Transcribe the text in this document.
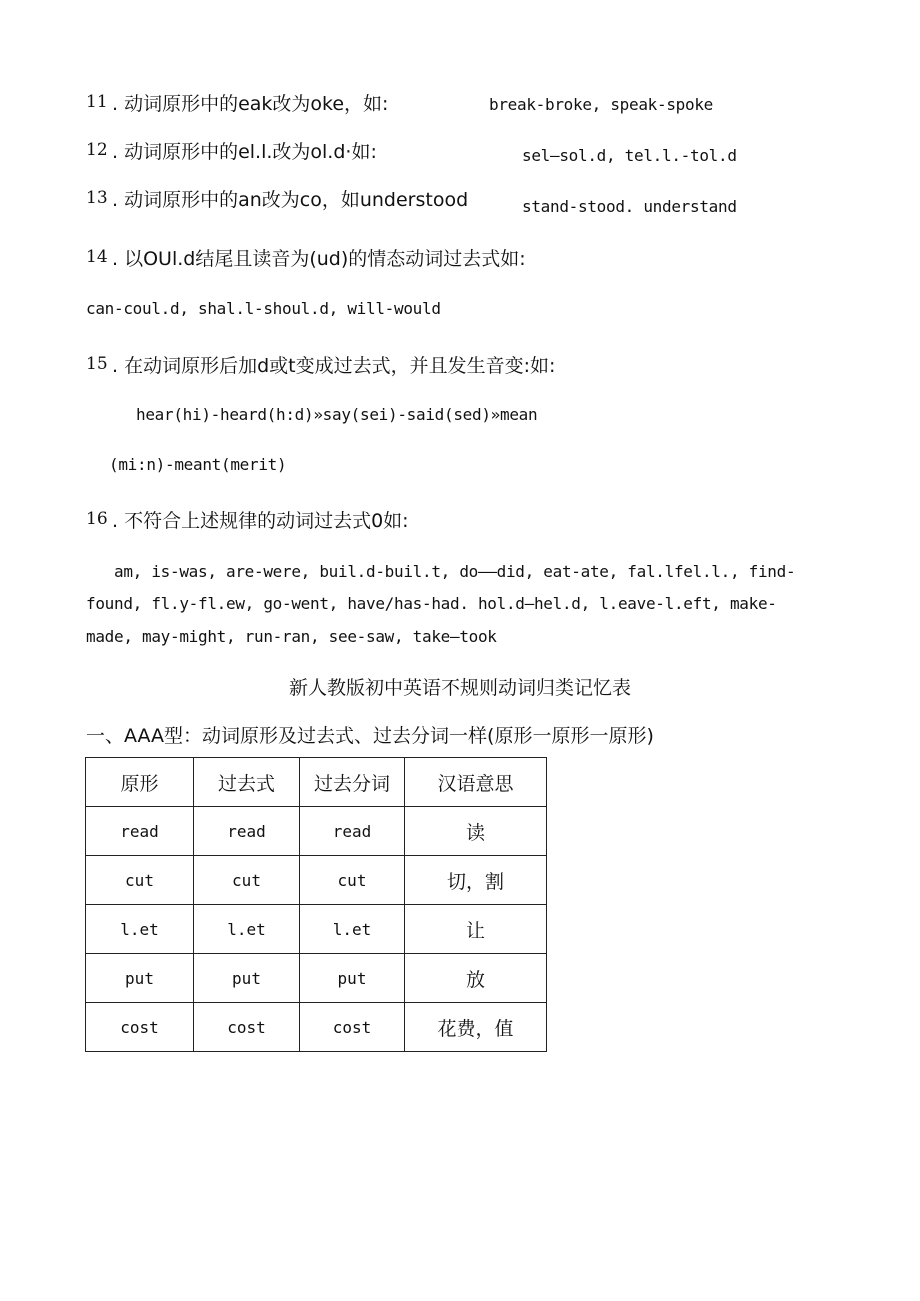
11 . 动词原形中的eak改为oke，如:	break-broke, speak-spoke
12 . 动词原形中的el.l.改为ol.d·如:	sel—sol.d, tel.l.-tol.d
13 . 动词原形中的an改为co，如understood	stand-stood. understand
14 . 以OUl.d结尾且读音为(ud)的情态动词过去式如:
can-coul.d, shal.l-shoul.d, will-would
15 . 在动词原形后加d或t变成过去式，并且发生音变:如:
hear(hi)-heard(h:d)»say(sei)-said(sed)»mean
(mi:n)-meant(merit)
16 . 不符合上述规律的动词过去式0如:
am, is-was, are-were, buil.d-buil.t, do——did, eat-ate, fal.lfel.l., find-
found, fl.y-fl.ew, go-went, have/has-had. hol.d—hel.d, l.eave-l.eft, make-
made, may-might, run-ran, see-saw, take—took
新人教版初中英语不规则动词归类记忆表
一、AAA型：动词原形及过去式、过去分词一样(原形一原形一原形)
原形	过去式	过去分词	汉语意思
read	read	read	读
cut	cut	cut	切，割
l.et	l.et	l.et	让
put	put	put	放
cost	cost	cost	花费，值
